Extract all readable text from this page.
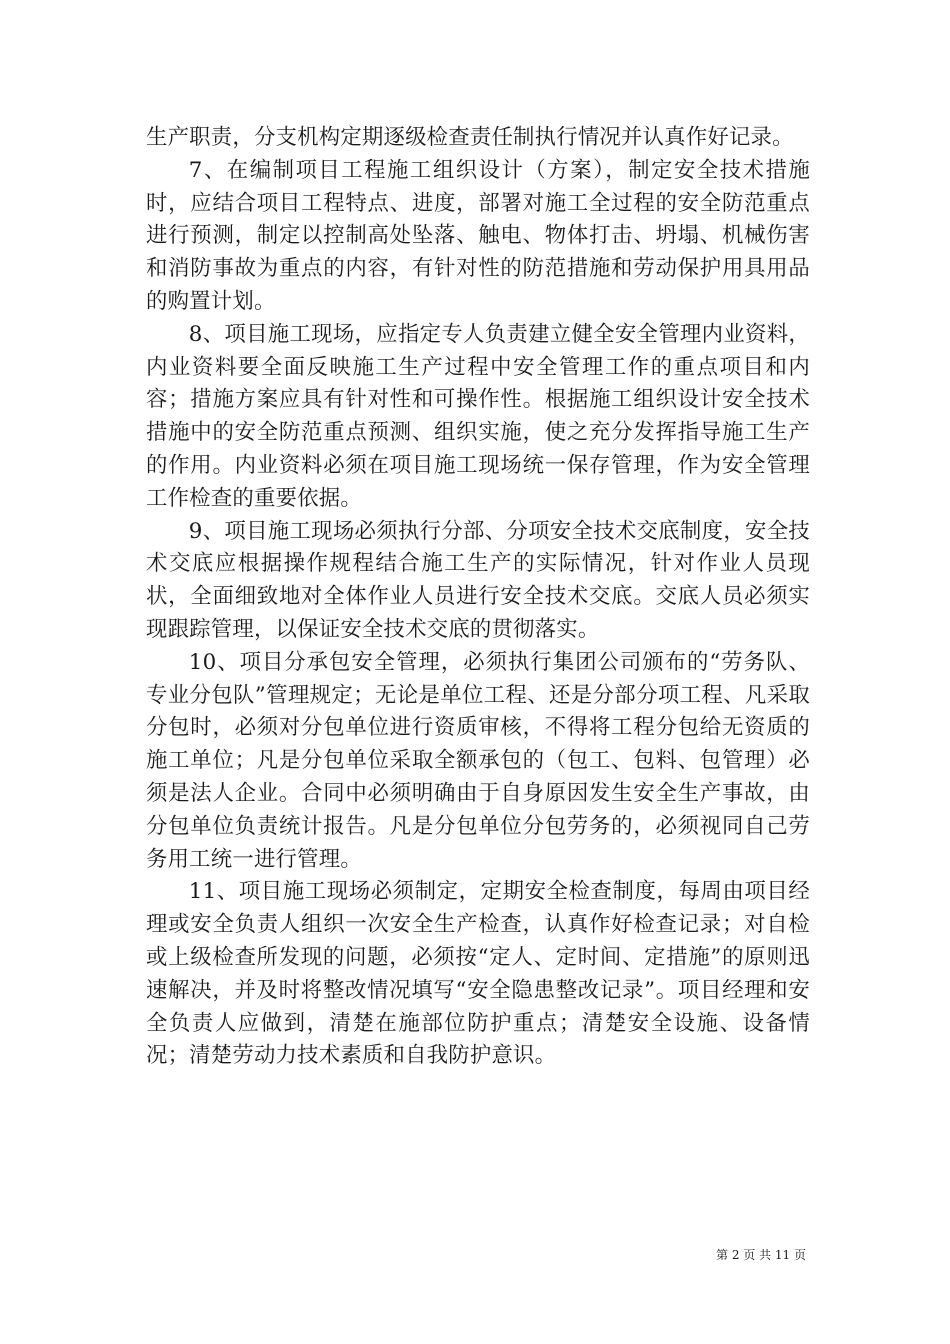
生产职责，分支机构定期逐级检查责任制执行情况并认真作好记录。

7、在编制项目工程施工组织设计（方案），制定安全技术措施时，应结合项目工程特点、进度，部署对施工全过程的安全防范重点进行预测，制定以控制高处坠落、触电、物体打击、坍塌、机械伤害和消防事故为重点的内容，有针对性的防范措施和劳动保护用具用品的购置计划。

8、项目施工现场，应指定专人负责建立健全安全管理内业资料，内业资料要全面反映施工生产过程中安全管理工作的重点项目和内容；措施方案应具有针对性和可操作性。根据施工组织设计安全技术措施中的安全防范重点预测、组织实施，使之充分发挥指导施工生产的作用。内业资料必须在项目施工现场统一保存管理，作为安全管理工作检查的重要依据。

9、项目施工现场必须执行分部、分项安全技术交底制度，安全技术交底应根据操作规程结合施工生产的实际情况，针对作业人员现状，全面细致地对全体作业人员进行安全技术交底。交底人员必须实现跟踪管理，以保证安全技术交底的贯彻落实。

10、项目分承包安全管理，必须执行集团公司颁布的“劳务队、专业分包队”管理规定；无论是单位工程、还是分部分项工程、凡采取分包时，必须对分包单位进行资质审核，不得将工程分包给无资质的施工单位；凡是分包单位采取全额承包的（包工、包料、包管理）必须是法人企业。合同中必须明确由于自身原因发生安全生产事故，由分包单位负责统计报告。凡是分包单位分包劳务的，必须视同自己劳务用工统一进行管理。

11、项目施工现场必须制定，定期安全检查制度，每周由项目经理或安全负责人组织一次安全生产检查，认真作好检查记录；对自检或上级检查所发现的问题，必须按“定人、定时间、定措施”的原则迅速解决，并及时将整改情况填写“安全隐患整改记录”。项目经理和安全负责人应做到，清楚在施部位防护重点；清楚安全设施、设备情况；清楚劳动力技术素质和自我防护意识。

第 2 页 共 11 页
